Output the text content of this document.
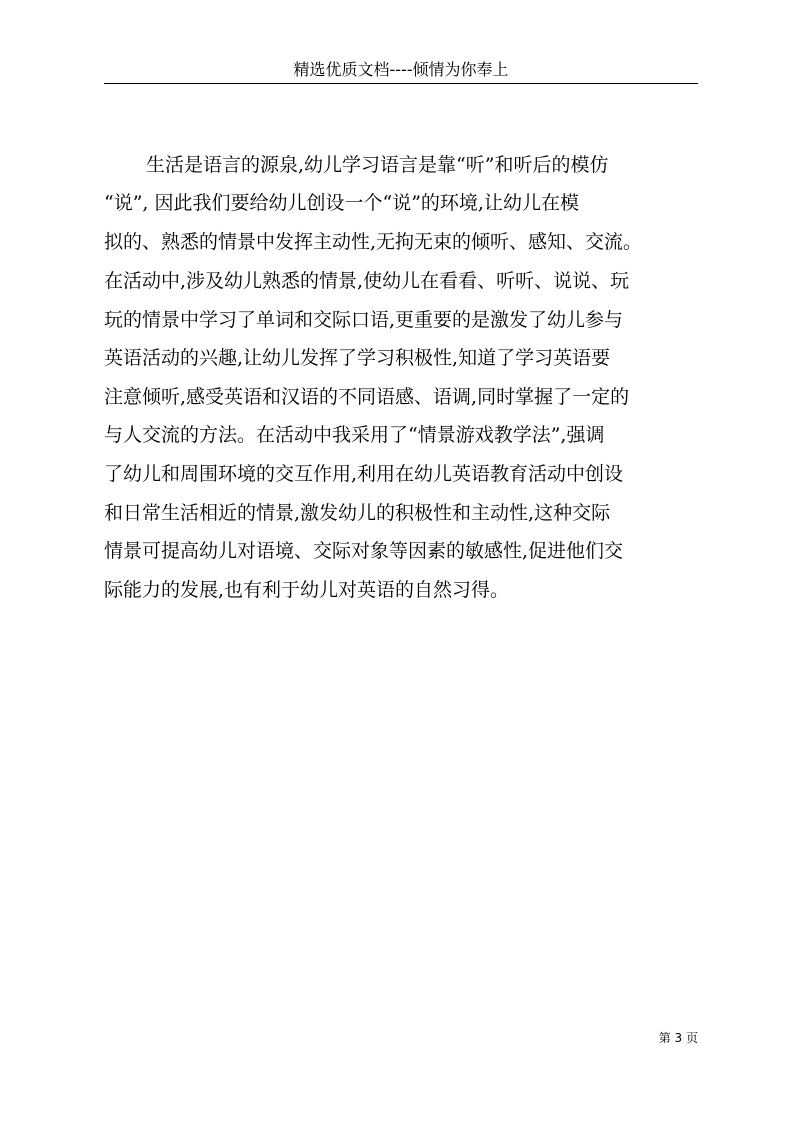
精选优质文档----倾情为你奉上
生活是语言的源泉,幼儿学习语言是靠“听”和听后的模仿
“说”, 因此我们要给幼儿创设一个“说”的环境,让幼儿在模
拟的、熟悉的情景中发挥主动性,无拘无束的倾听、感知、交流。
在活动中,涉及幼儿熟悉的情景,使幼儿在看看、听听、说说、玩
玩的情景中学习了单词和交际口语,更重要的是激发了幼儿参与
英语活动的兴趣,让幼儿发挥了学习积极性,知道了学习英语要
注意倾听,感受英语和汉语的不同语感、语调,同时掌握了一定的
与人交流的方法。在活动中我采用了“情景游戏教学法”,强调
了幼儿和周围环境的交互作用,利用在幼儿英语教育活动中创设
和日常生活相近的情景,激发幼儿的积极性和主动性,这种交际
情景可提高幼儿对语境、交际对象等因素的敏感性,促进他们交
际能力的发展,也有利于幼儿对英语的自然习得。
第 3 页
